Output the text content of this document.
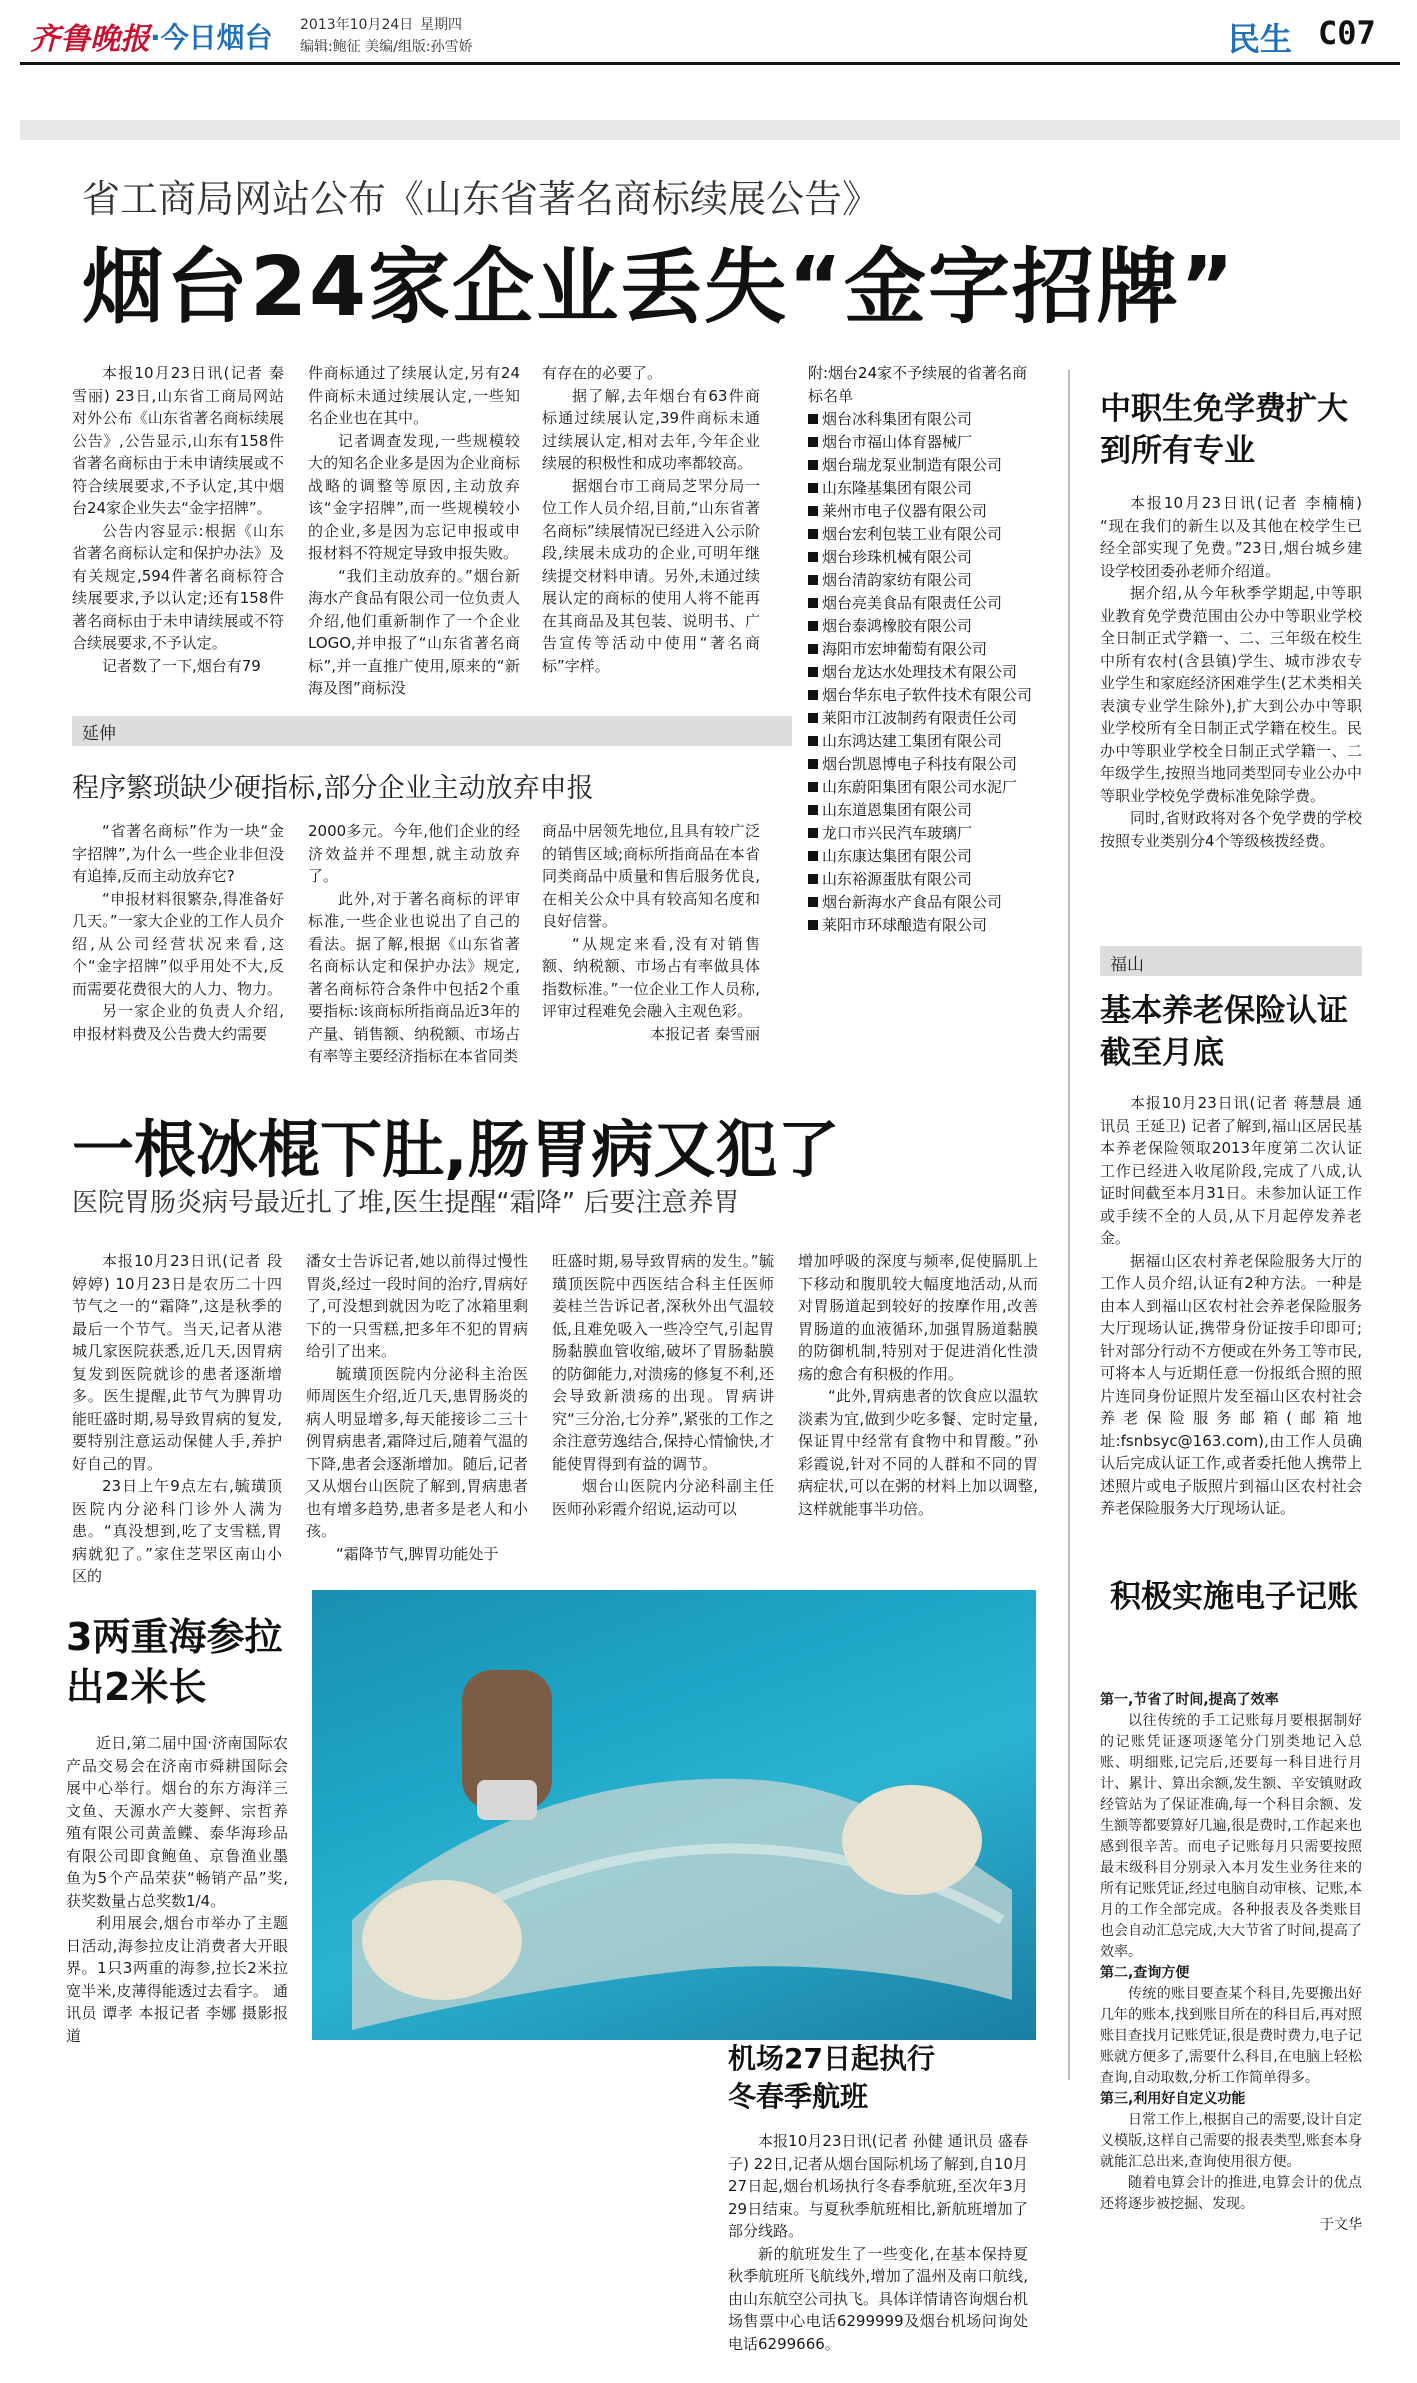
齐鲁晚报 ·今日烟台 2013年10月24日 星期四
编辑:鲍征 美编/组版:孙雪娇	民生 C07
省工商局网站公布《山东省著名商标续展公告》
烟台24家企业丢失“金字招牌”

本报10月23日讯(记者 秦雪丽) 23日,山东省工商局网站对外公布《山东省著名商标续展公告》,公告显示,山东有158件省著名商标由于未申请续展或不符合续展要求,不予认定,其中烟台24家企业失去“金字招牌”。

公告内容显示:根据《山东省著名商标认定和保护办法》及有关规定,594件著名商标符合续展要求,予以认定;还有158件著名商标由于未申请续展或不符合续展要求,不予认定。

记者数了一下,烟台有79

件商标通过了续展认定,另有24件商标未通过续展认定,一些知名企业也在其中。

记者调查发现,一些规模较大的知名企业多是因为企业商标战略的调整等原因,主动放弃该“金字招牌”,而一些规模较小的企业,多是因为忘记申报或申报材料不符规定导致申报失败。

“我们主动放弃的。”烟台新海水产食品有限公司一位负责人介绍,他们重新制作了一个企业LOGO,并申报了“山东省著名商标”,并一直推广使用,原来的“新海及图”商标没

有存在的必要了。

据了解,去年烟台有63件商标通过续展认定,39件商标未通过续展认定,相对去年,今年企业续展的积极性和成功率都较高。

据烟台市工商局芝罘分局一位工作人员介绍,目前,“山东省著名商标”续展情况已经进入公示阶段,续展未成功的企业,可明年继续提交材料申请。另外,未通过续展认定的商标的使用人将不能再在其商品及其包装、说明书、广告宣传等活动中使用“著名商标”字样。

附:烟台24家不予续展的省著名商标名单
烟台冰科集团有限公司
烟台市福山体育器械厂
烟台瑞龙泵业制造有限公司
山东隆基集团有限公司
莱州市电子仪器有限公司
烟台宏利包装工业有限公司
烟台珍珠机械有限公司
烟台清韵家纺有限公司
烟台亮美食品有限责任公司
烟台泰鸿橡胶有限公司
海阳市宏坤葡萄有限公司
烟台龙达水处理技术有限公司
烟台华东电子软件技术有限公司
莱阳市江波制药有限责任公司
山东鸿达建工集团有限公司
烟台凯恩博电子科技有限公司
山东蔚阳集团有限公司水泥厂
山东道恩集团有限公司
龙口市兴民汽车玻璃厂
山东康达集团有限公司
山东裕源蛋肽有限公司
烟台新海水产食品有限公司
莱阳市环球酿造有限公司
延伸
程序繁琐缺少硬指标,部分企业主动放弃申报

“省著名商标”作为一块“金字招牌”,为什么一些企业非但没有追捧,反而主动放弃它?

“申报材料很繁杂,得准备好几天。”一家大企业的工作人员介绍,从公司经营状况来看,这个“金字招牌”似乎用处不大,反而需要花费很大的人力、物力。

另一家企业的负责人介绍,申报材料费及公告费大约需要

2000多元。今年,他们企业的经济效益并不理想,就主动放弃了。

此外,对于著名商标的评审标准,一些企业也说出了自己的看法。据了解,根据《山东省著名商标认定和保护办法》规定,著名商标符合条件中包括2个重要指标:该商标所指商品近3年的产量、销售额、纳税额、市场占有率等主要经济指标在本省同类

商品中居领先地位,且具有较广泛的销售区域;商标所指商品在本省同类商品中质量和售后服务优良,在相关公众中具有较高知名度和良好信誉。

“从规定来看,没有对销售额、纳税额、市场占有率做具体指数标准。”一位企业工作人员称,评审过程难免会融入主观色彩。

本报记者 秦雪丽

中职生免学费扩大到所有专业

本报10月23日讯(记者 李楠楠) “现在我们的新生以及其他在校学生已经全部实现了免费。”23日,烟台城乡建设学校团委孙老师介绍道。

据介绍,从今年秋季学期起,中等职业教育免学费范围由公办中等职业学校全日制正式学籍一、二、三年级在校生中所有农村(含县镇)学生、城市涉农专业学生和家庭经济困难学生(艺术类相关表演专业学生除外),扩大到公办中等职业学校所有全日制正式学籍在校生。民办中等职业学校全日制正式学籍一、二年级学生,按照当地同类型同专业公办中等职业学校免学费标准免除学费。

同时,省财政将对各个免学费的学校按照专业类别分4个等级核拨经费。

福山
基本养老保险认证截至月底

本报10月23日讯(记者 蒋慧晨 通讯员 王延卫) 记者了解到,福山区居民基本养老保险领取2013年度第二次认证工作已经进入收尾阶段,完成了八成,认证时间截至本月31日。未参加认证工作或手续不全的人员,从下月起停发养老金。

据福山区农村养老保险服务大厅的工作人员介绍,认证有2种方法。一种是由本人到福山区农村社会养老保险服务大厅现场认证,携带身份证按手印即可;针对部分行动不方便或在外务工等市民,可将本人与近期任意一份报纸合照的照片连同身份证照片发至福山区农村社会养老保险服务邮箱(邮箱地址:fsnbsyc@163.com),由工作人员确认后完成认证工作,或者委托他人携带上述照片或电子版照片到福山区农村社会养老保险服务大厅现场认证。

一根冰棍下肚,肠胃病又犯了
医院胃肠炎病号最近扎了堆,医生提醒“霜降” 后要注意养胃

本报10月23日讯(记者 段婷婷) 10月23日是农历二十四节气之一的“霜降”,这是秋季的最后一个节气。当天,记者从港城几家医院获悉,近几天,因胃病复发到医院就诊的患者逐渐增多。医生提醒,此节气为脾胃功能旺盛时期,易导致胃病的复发,要特别注意运动保健人手,养护好自己的胃。

23日上午9点左右,毓璜顶医院内分泌科门诊外人满为患。“真没想到,吃了支雪糕,胃病就犯了。”家住芝罘区南山小区的

潘女士告诉记者,她以前得过慢性胃炎,经过一段时间的治疗,胃病好了,可没想到就因为吃了冰箱里剩下的一只雪糕,把多年不犯的胃病给引了出来。

毓璜顶医院内分泌科主治医师周医生介绍,近几天,患胃肠炎的病人明显增多,每天能接诊二三十例胃病患者,霜降过后,随着气温的下降,患者会逐渐增加。随后,记者又从烟台山医院了解到,胃病患者也有增多趋势,患者多是老人和小孩。

“霜降节气,脾胃功能处于

旺盛时期,易导致胃病的发生。”毓璜顶医院中西医结合科主任医师姜桂兰告诉记者,深秋外出气温较低,且难免吸入一些冷空气,引起胃肠黏膜血管收缩,破坏了胃肠黏膜的防御能力,对溃疡的修复不利,还会导致新溃疡的出现。胃病讲究“三分治,七分养”,紧张的工作之余注意劳逸结合,保持心情愉快,才能使胃得到有益的调节。

烟台山医院内分泌科副主任医师孙彩霞介绍说,运动可以

增加呼吸的深度与频率,促使膈肌上下移动和腹肌较大幅度地活动,从而对胃肠道起到较好的按摩作用,改善胃肠道的血液循环,加强胃肠道黏膜的防御机制,特别对于促进消化性溃疡的愈合有积极的作用。

“此外,胃病患者的饮食应以温软淡素为宜,做到少吃多餐、定时定量,保证胃中经常有食物中和胃酸。”孙彩霞说,针对不同的人群和不同的胃病症状,可以在粥的材料上加以调整,这样就能事半功倍。

3两重海参拉出2米长

近日,第二届中国·济南国际农产品交易会在济南市舜耕国际会展中心举行。烟台的东方海洋三文鱼、天源水产大菱鲆、宗哲养殖有限公司黄盖鲽、泰华海珍品有限公司即食鲍鱼、京鲁渔业墨鱼为5个产品荣获“畅销产品”奖,获奖数量占总奖数1/4。

利用展会,烟台市举办了主题日活动,海参拉皮让消费者大开眼界。1只3两重的海参,拉长2米拉宽半米,皮薄得能透过去看字。 通讯员 谭孝 本报记者 李娜 摄影报道

机场27日起执行冬春季航班

本报10月23日讯(记者 孙健 通讯员 盛春子) 22日,记者从烟台国际机场了解到,自10月27日起,烟台机场执行冬春季航班,至次年3月29日结束。与夏秋季航班相比,新航班增加了部分线路。

新的航班发生了一些变化,在基本保持夏秋季航班所飞航线外,增加了温州及南口航线,由山东航空公司执飞。具体详情请咨询烟台机场售票中心电话6299999及烟台机场问询处电话6299666。

积极实施电子记账

第一,节省了时间,提高了效率

以往传统的手工记账每月要根据制好的记账凭证逐项逐笔分门别类地记入总账、明细账,记完后,还要每一科目进行月计、累计、算出余额,发生额、辛安镇财政经管站为了保证准确,每一个科目余额、发生额等都要算好几遍,很是费时,工作起来也感到很辛苦。而电子记账每月只需要按照最末级科目分别录入本月发生业务往来的所有记账凭证,经过电脑自动审核、记账,本月的工作全部完成。各种报表及各类账目也会自动汇总完成,大大节省了时间,提高了效率。

第二,查询方便

传统的账目要查某个科目,先要搬出好几年的账本,找到账目所在的科目后,再对照账目查找月记账凭证,很是费时费力,电子记账就方便多了,需要什么科目,在电脑上轻松查询,自动取数,分析工作简单得多。

第三,利用好自定义功能

日常工作上,根据自己的需要,设计自定义模版,这样自己需要的报表类型,账套本身就能汇总出来,查询使用很方便。

随着电算会计的推进,电算会计的优点还将逐步被挖掘、发现。

于文华
